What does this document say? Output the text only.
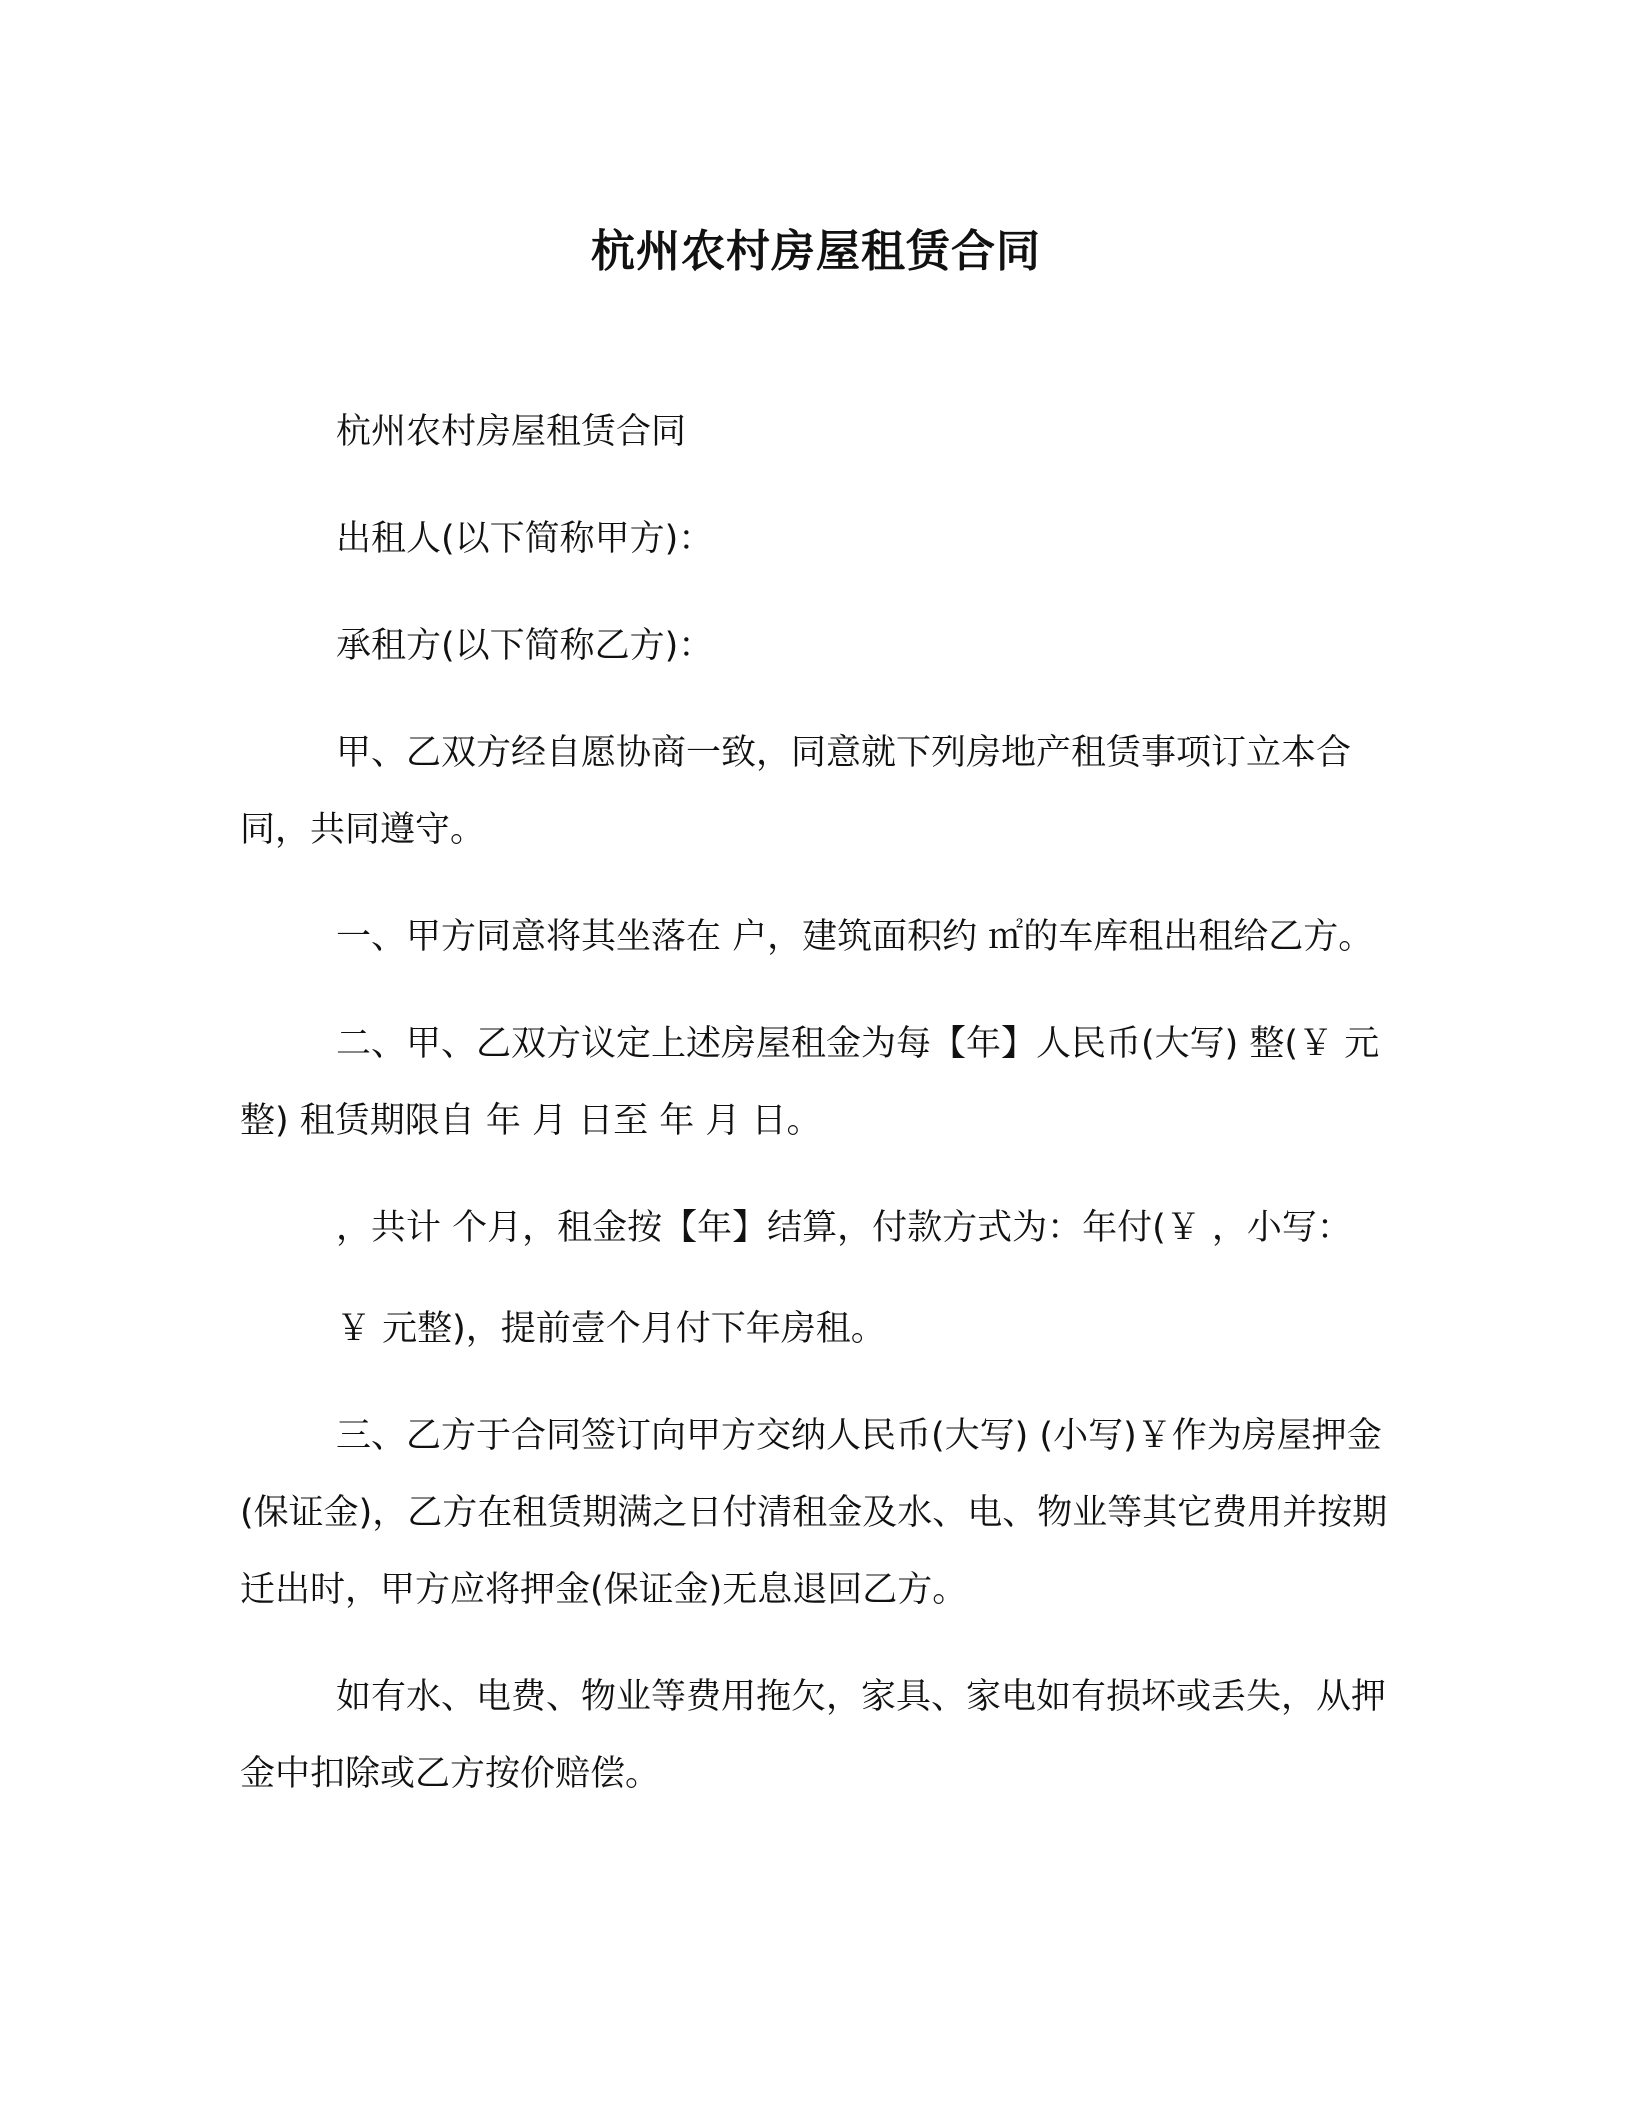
杭州农村房屋租赁合同

杭州农村房屋租赁合同

出租人(以下简称甲方)：

承租方(以下简称乙方)：

甲、乙双方经自愿协商一致，同意就下列房地产租赁事项订立本合同，共同遵守。

一、甲方同意将其坐落在 户，建筑面积约 ㎡的车库租出租给乙方。

二、甲、乙双方议定上述房屋租金为每【年】人民币(大写) 整(￥ 元整) 租赁期限自 年 月 日至 年 月 日。

，共计 个月，租金按【年】结算，付款方式为：年付(￥ ，小写：

￥ 元整)，提前壹个月付下年房租。

三、乙方于合同签订向甲方交纳人民币(大写) (小写)￥作为房屋押金(保证金)，乙方在租赁期满之日付清租金及水、电、物业等其它费用并按期迁出时，甲方应将押金(保证金)无息退回乙方。

如有水、电费、物业等费用拖欠，家具、家电如有损坏或丢失，从押金中扣除或乙方按价赔偿。
